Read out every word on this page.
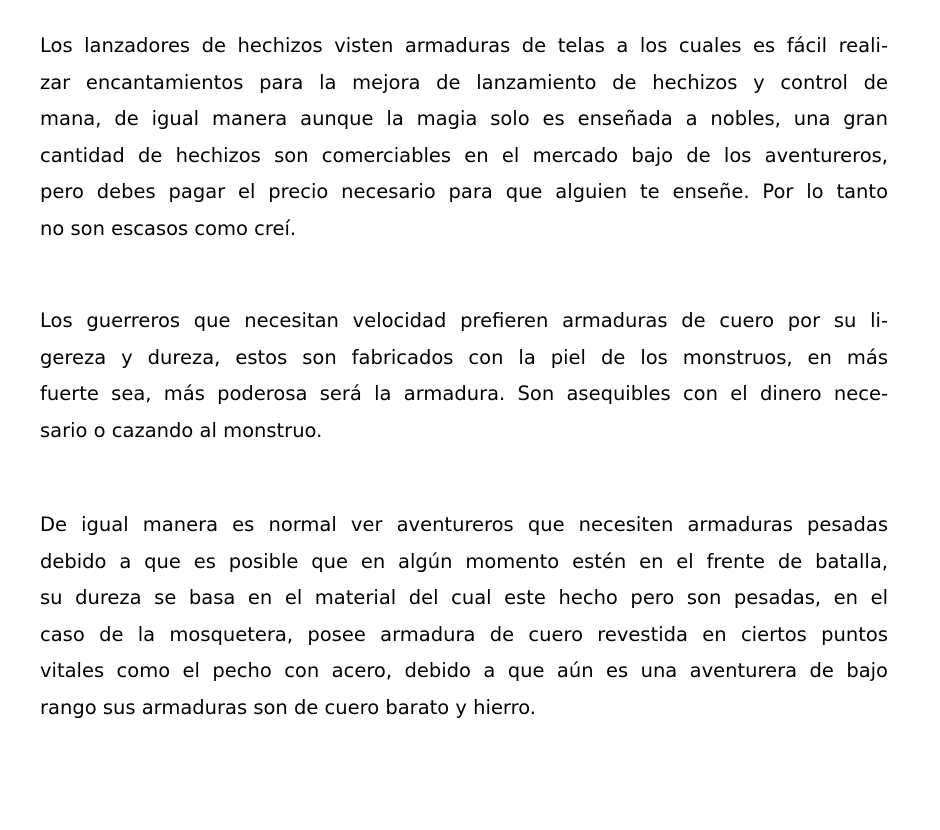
Los lanzadores de hechizos visten armaduras de telas a los cuales es fácil reali-
zar encantamientos para la mejora de lanzamiento de hechizos y control de
mana, de igual manera aunque la magia solo es enseñada a nobles, una gran
cantidad de hechizos son comerciables en el mercado bajo de los aventureros,
pero debes pagar el precio necesario para que alguien te enseñe. Por lo tanto
no son escasos como creí.
Los guerreros que necesitan velocidad prefieren armaduras de cuero por su li-
gereza y dureza, estos son fabricados con la piel de los monstruos, en más
fuerte sea, más poderosa será la armadura. Son asequibles con el dinero nece-
sario o cazando al monstruo.
De igual manera es normal ver aventureros que necesiten armaduras pesadas
debido a que es posible que en algún momento estén en el frente de batalla,
su dureza se basa en el material del cual este hecho pero son pesadas, en el
caso de la mosquetera, posee armadura de cuero revestida en ciertos puntos
vitales como el pecho con acero, debido a que aún es una aventurera de bajo
rango sus armaduras son de cuero barato y hierro.
